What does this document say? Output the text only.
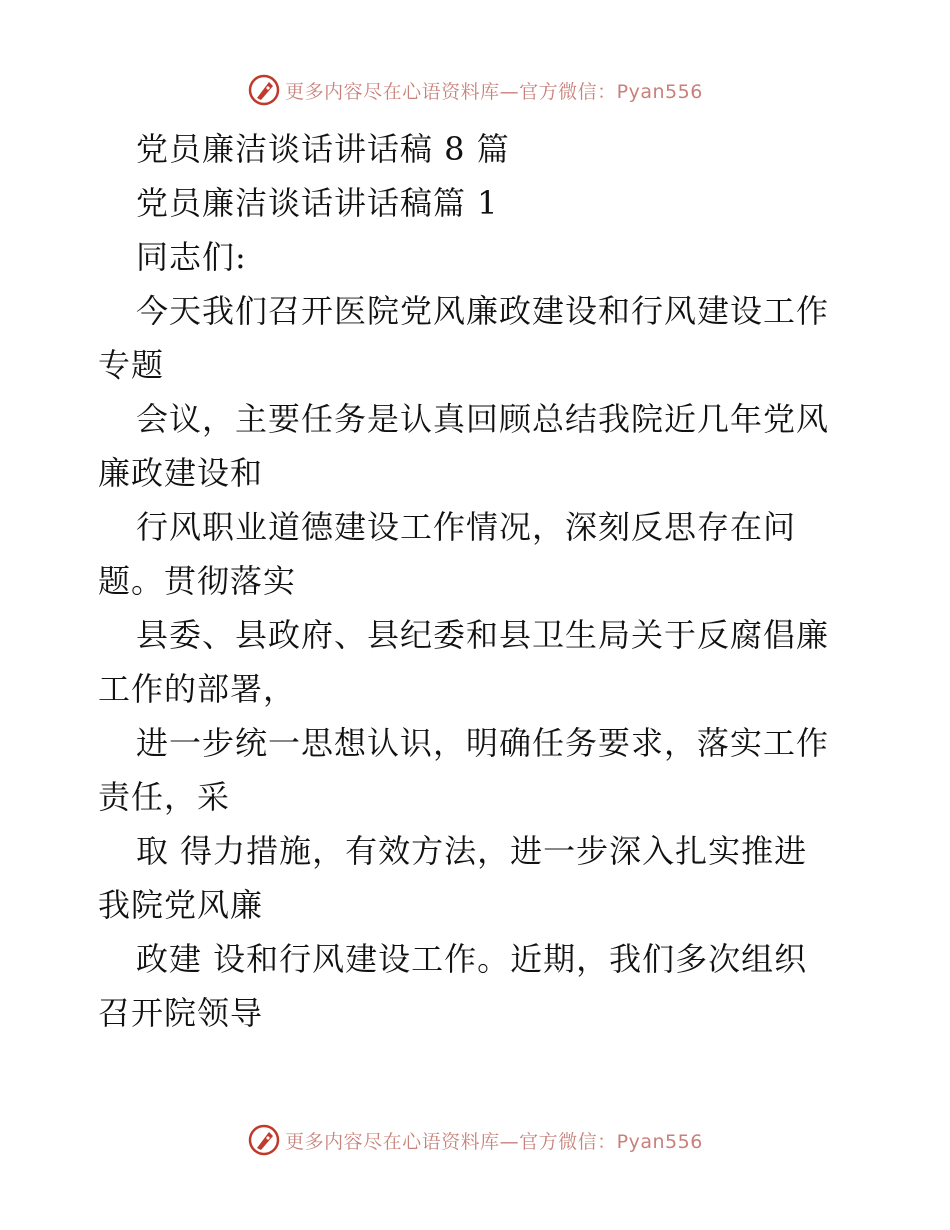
更多内容尽在心语资料库—官方微信：Pyan556
党员廉洁谈话讲话稿 8 篇
党员廉洁谈话讲话稿篇 1
同志们:
今天我们召开医院党风廉政建设和行风建设工作
专题
会议，主要任务是认真回顾总结我院近几年党风
廉政建设和
行风职业道德建设工作情况，深刻反思存在问
题。贯彻落实
县委、县政府、县纪委和县卫生局关于反腐倡廉
工作的部署，
进一步统一思想认识，明确任务要求，落实工作
责任，采
取 得力措施，有效方法，进一步深入扎实推进
我院党风廉
政建 设和行风建设工作。近期，我们多次组织
召开院领导
更多内容尽在心语资料库—官方微信：Pyan556
